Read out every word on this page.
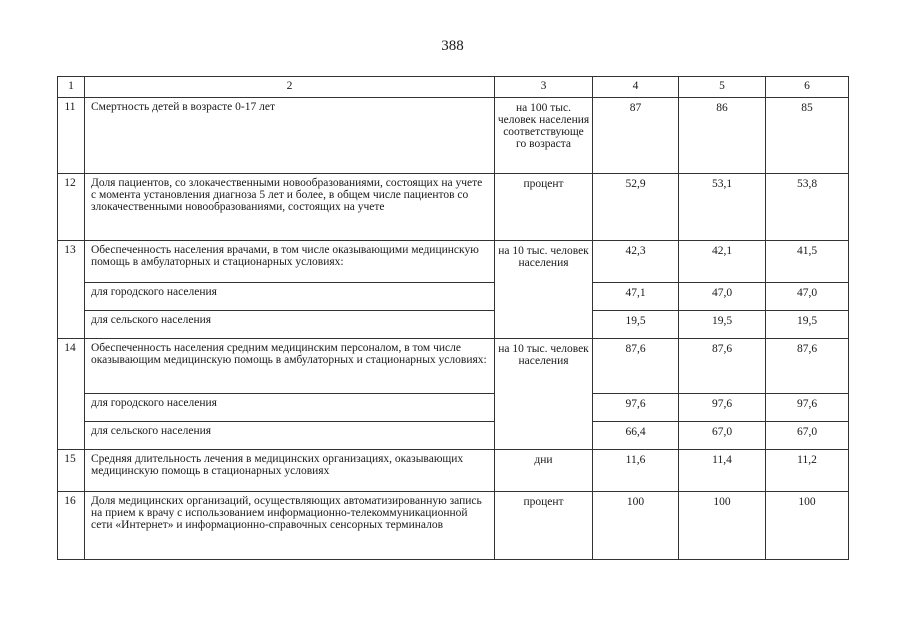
388
1	2	3	4	5	6
11	Смертность детей в возрасте 0-17 лет	на 100 тыс. человек населения соответствующе го возраста	87	86	85
12	Доля пациентов, со злокачественными новообразованиями, состоящих на учете с момента установления диагноза 5 лет и более, в общем числе пациентов со злокачественными новообразованиями, состоящих на учете	процент	52,9	53,1	53,8
13	Обеспеченность населения врачами, в том числе оказывающими медицинскую помощь в амбулаторных и стационарных условиях:	на 10 тыс. человек населения	42,3	42,1	41,5
	для городского населения		47,1	47,0	47,0
	для сельского населения		19,5	19,5	19,5
14	Обеспеченность населения средним медицинским персоналом, в том числе оказывающим медицинскую помощь в амбулаторных и стационарных условиях:	на 10 тыс. человек населения	87,6	87,6	87,6
	для городского населения		97,6	97,6	97,6
	для сельского населения		66,4	67,0	67,0
15	Средняя длительность лечения в медицинских организациях, оказывающих медицинскую помощь в стационарных условиях	дни	11,6	11,4	11,2
16	Доля медицинских организаций, осуществляющих автоматизированную запись на прием к врачу с использованием информационно-телекоммуникационной сети «Интернет» и информационно-справочных сенсорных терминалов	процент	100	100	100
